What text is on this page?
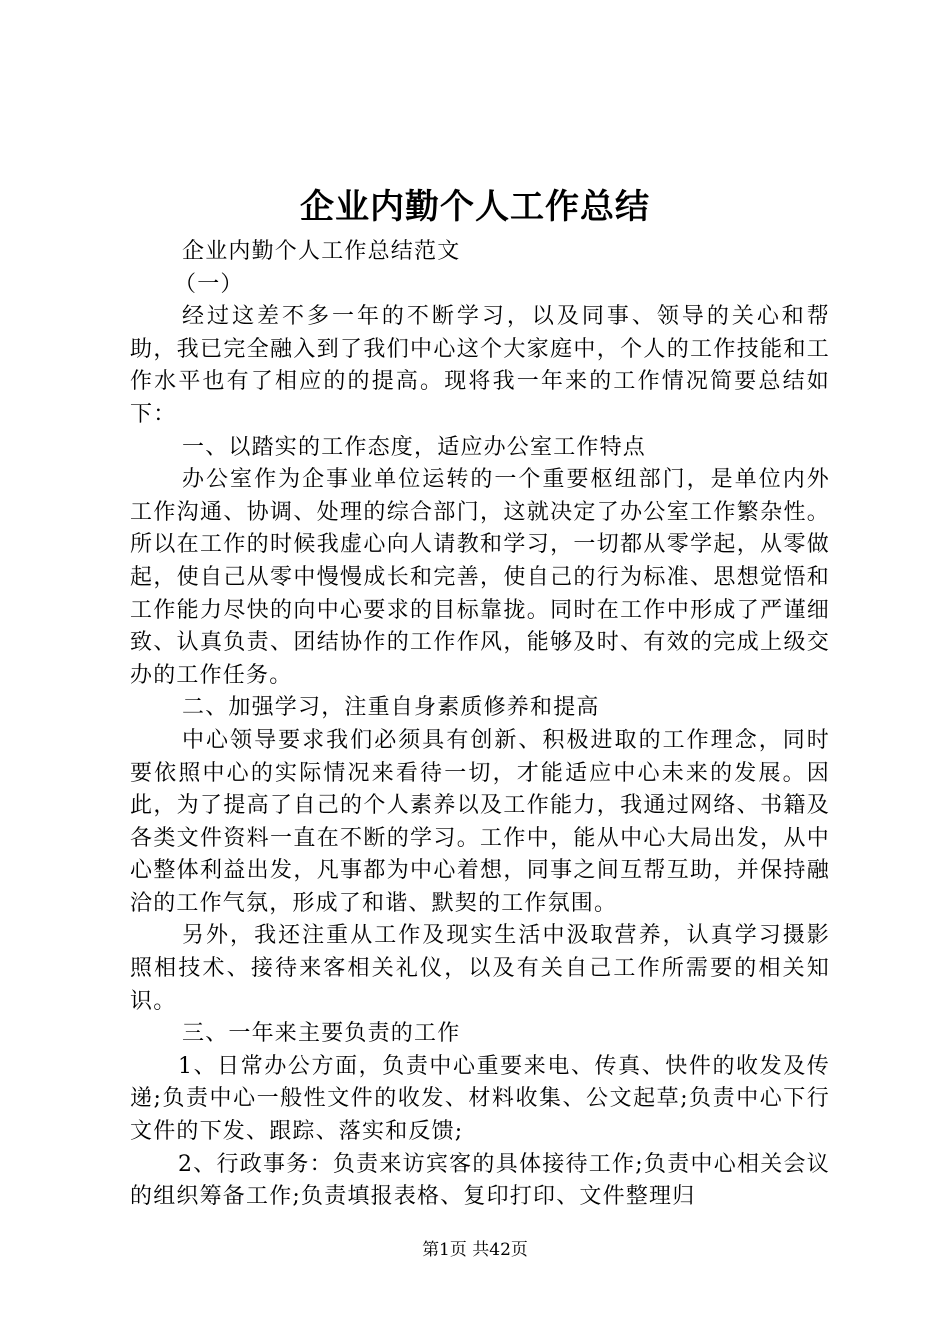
企业内勤个人工作总结

企业内勤个人工作总结范文

（一）

经过这差不多一年的不断学习，以及同事、领导的关心和帮助，我已完全融入到了我们中心这个大家庭中，个人的工作技能和工作水平也有了相应的的提高。现将我一年来的工作情况简要总结如下：

一、以踏实的工作态度，适应办公室工作特点

办公室作为企事业单位运转的一个重要枢纽部门，是单位内外工作沟通、协调、处理的综合部门，这就决定了办公室工作繁杂性。所以在工作的时候我虚心向人请教和学习，一切都从零学起，从零做起，使自己从零中慢慢成长和完善，使自己的行为标准、思想觉悟和工作能力尽快的向中心要求的目标靠拢。同时在工作中形成了严谨细致、认真负责、团结协作的工作作风，能够及时、有效的完成上级交办的工作任务。

二、加强学习，注重自身素质修养和提高

中心领导要求我们必须具有创新、积极进取的工作理念，同时要依照中心的实际情况来看待一切，才能适应中心未来的发展。因此，为了提高了自己的个人素养以及工作能力，我通过网络、书籍及各类文件资料一直在不断的学习。工作中，能从中心大局出发，从中心整体利益出发，凡事都为中心着想，同事之间互帮互助，并保持融洽的工作气氛，形成了和谐、默契的工作氛围。

另外，我还注重从工作及现实生活中汲取营养，认真学习摄影照相技术、接待来客相关礼仪，以及有关自己工作所需要的相关知识。

三、一年来主要负责的工作

1、日常办公方面，负责中心重要来电、传真、快件的收发及传递;负责中心一般性文件的收发、材料收集、公文起草;负责中心下行文件的下发、跟踪、落实和反馈;

2、行政事务：负责来访宾客的具体接待工作;负责中心相关会议的组织筹备工作;负责填报表格、复印打印、文件整理归

第1页 共42页
